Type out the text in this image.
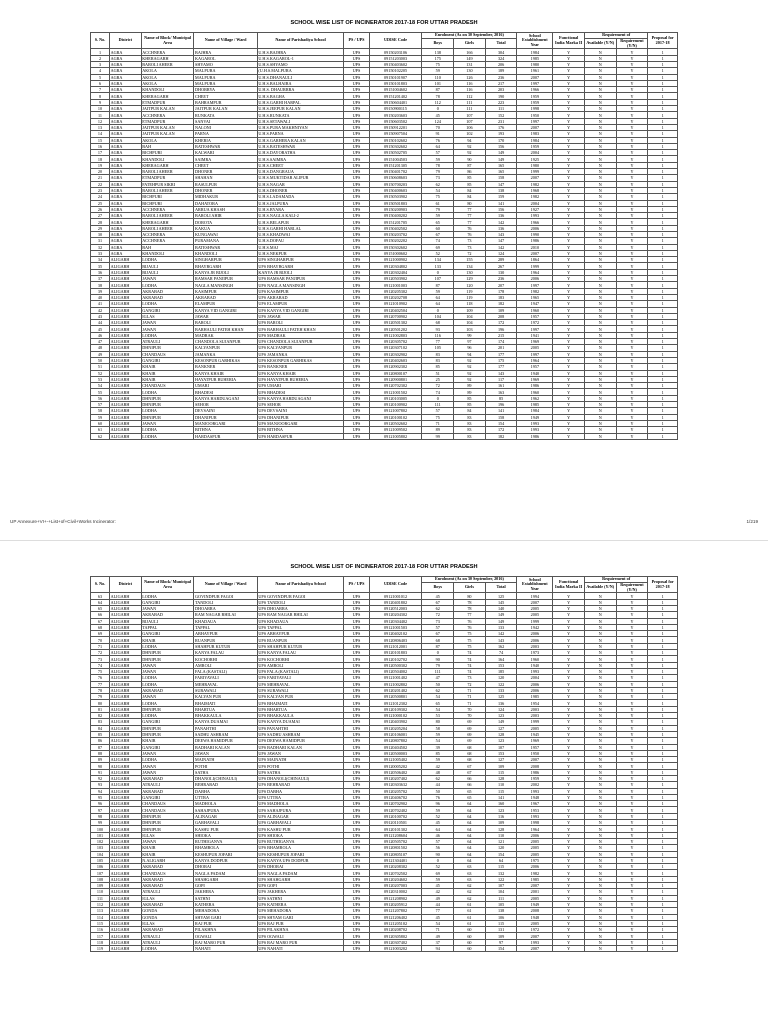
SCHOOL WISE LIST OF INCINERATOR 2017-18 FOR UTTAR PRADESH
S. No.	District	Name of Block/ Municipal Area	Name of Village / Ward	Name of Parishadiya School	PS / UPS	UDISE Code	Enrolment (As on 30 September, 2016)			School Establishment Year	Functional India Marka II	Requirement of		Proposal for 2017-18
							Boys	Girls	Total			Available (Y/N)	Requirement (Y/N)	
1	AGRA	ACCHNERA	BAJHRA	U.H.S.BAJHRA	UPS	09150203106	138	166	304	1984	Y	N	Y	1
2	AGRA	KHERAGARH	KAGAROL	U.H.S.KAGAROL-1	UPS	09151203003	175	149	324	1985	Y	N	Y	1
3	AGRA	BAROLI AHEER	SHYAMO	U.H.S.SHYAMO	UPS	09150403602	75	131	206	1980	Y	N	Y	1
4	AGRA	AKOLA	MALPURA	(U.H.S.MALPURA	UPS	09150102205	59	130	189	1961	Y	N	Y	1
5	AGRA	AKOLA	MALPURA	U.H.S.DHANAULI	UPS	09150101907	110	126	236	2007	Y	N	Y	1
6	AGRA	AKOLA	MALPURA	U.H.S.BALHAIRA	UPS	09150101803	101	116	217	1997	Y	N	Y	1
7	AGRA	KHANDOLI	DHORRYA	U.H.S. DHAURRRA	UPS	09151004602	87	116	203	1966	Y	N	Y	1
8	AGRA	KHERAGARH	CHEET	U.H.S.BAGHA	UPS	09151201402	78	112	190	1959	Y	N	Y	1
9	AGRA	ETMADPUR	BAHRAMPUR	U.H.S.GARHI HARPAL	UPS	09150604401	112	111	223	1959	Y	N	Y	1
10	AGRA	JAITPUR KALAN	JAITPUR KALAN	U.H.S.JEEPUR KALAN	UPS	09150900115	0	111	111	1998	Y	N	Y	1
11	AGRA	ACCHNERA	RUNKATA	U.H.S.RUNKATA	UPS	09150203603	45	107	152	1950	Y	N	Y	1
12	AGRA	ETMADPUR	SANVAI	U.H.S.SETAWALI	UPS	09150603502	124	107	231	1997	Y	N	Y	1
13	AGRA	JAITPUR KALAN	NALONI	U.H.S.PURA MAKHNIYAN	UPS	09150912201	70	106	176	2007	Y	N	Y	1
14	AGRA	JAITPUR KALAN	PARNA	U.H.S.PARNA	UPS	09150907504	91	102	193	1983	Y	N	Y	1
15	AGRA	AKOLA	KHERIA	U.H.S.GARHERA KALAN	UPS	09150102602	76	94	170	1984	Y	N	Y	1
16	AGRA	BAH	BATESHWAR	U.H.S.BATESHWAR	UPS	09150302602	64	92	156	1959	Y	N	Y	1
17	AGRA	BICHPURI	KALWARI	U.H.S.DAYORATHA	UPS	09150502705	57	92	149	2004	Y	N	Y	1
18	AGRA	KHANDOLI	SAIMRA	U.H.S.SAIMRA	UPS	09151004503	59	90	149	1925	Y	N	Y	1
19	AGRA	KHERAGARH	CHEET	U.H.S.CHEET	UPS	09151201305	78	87	165	1980	Y	N	Y	1
20	AGRA	BAROLI AHEER	DHONER	U.H.S.DANGRAUA	UPS	09150401702	79	86	165	1999	Y	N	Y	1
21	AGRA	ETMADPUR	SHAHAN	U.H.S.MUKTIDAR ALIPUR	UPS	09150608603	73	85	158	2007	Y	N	Y	1
22	AGRA	FATEHPUR SIKRI	RASULPUR	U.H.S.NAGAR	UPS	09150700203	62	85	147	1982	Y	N	Y	1
23	AGRA	BAROLI AHEER	DHONER	U.H.S.DHONER	UPS	09150400603	54	84	138	1968	Y	N	Y	1
24	AGRA	BICHPURI	MIDHAKUR	U.H.S.LADAMADA	UPS	09150503902	75	84	159	1982	Y	N	Y	1
25	AGRA	BICHPURI	DAHATORA	U.H.S.JALPURA	UPS	09150501803	61	80	141	2004	Y	N	Y	1
26	AGRA	ACCHNERA	ARRUA KHASH	U.H.S.BYARA	UPS	09150200903	79	77	156	1927	Y	N	Y	1
27	AGRA	BAROLI AHEER	BAROLI AHIR	U.H.S.NAGLA KALI-2	UPS	09150400202	59	77	136	1993	Y	N	Y	1
28	AGRA	KHERAGARH	DOROTA	U.H.S.BELAPUR	UPS	09151201705	65	77	142	1966	Y	N	Y	1
29	AGRA	BAROLI AHEER	KAKUA	U.H.S.GARHI HARLAL	UPS	09150402502	60	76	136	2006	Y	N	Y	1
30	AGRA	ACCHNERA	KUNGAWAI	U.H.S.KHADWAI	UPS	09150203702	67	76	143	1990	Y	N	Y	1
31	AGRA	ACCHNERA	PURAMANA	U.H.S.DOFAU	UPS	09150202202	74	73	147	1986	Y	N	Y	1
32	AGRA	BAH	BATESHWAR	U.H.S.MAJ	UPS	09150302602	69	73	142	2010	Y	N	Y	1
33	AGRA	KHANDOLI	KHANDOLI	U.H.S.NEKPUR	UPS	09151000602	52	72	124	2007	Y	N	Y	1
34	ALIGARH	LODHA	SINGHARPUR	UPS SINGHARPUR	UPS	09121000902	134	155	289	1864	Y	N	Y	1
35	ALIGARH	BIJAULI	BHAYBGARH	UPS BHAYBGARH	UPS	09120304802	133	134	267	1999	Y	N	Y	1
36	ALIGARH	BIJAULI	KANYA JR BIJOLI	KANYA JR BIJOLI	UPS	09120302404	0	130	130	1964	Y	N	Y	1
37	ALIGARH	JAWAN	RAMSAR PANJIPUR	UPS RAMSAR PANJIPUR	UPS	09120503902	107	129	236	2006	Y	N	Y	1
38	ALIGARH	LODHA	NAGLA MANSINGH	UPS NAGLA MANSINGH	UPS	09121001003	87	120	207	1997	Y	N	Y	1
39	ALIGARH	AKRABAD	KASIMPUR	UPS KASIMPUR	UPS	09120205302	59	119	178	1982	Y	N	Y	1
40	ALIGARH	AKRABAD	AKRABAD	UPS AKRABAD	UPS	09120202708	64	119	183	1965	Y	N	Y	1
41	ALIGARH	LODHA	ELAMPUR	UPS ELAMPUR	UPS	09121010902	64	118	182	1947	Y	N	Y	1
42	ALIGARH	GANGIRI	KANYA VID GANGIRI	UPS KANYA VID GANGIRI	UPS	09120402504	0	109	109	1960	Y	N	Y	1
43	ALIGARH	IGLAS	JAWAR	UPS JAWAR	UPS	09120700902	104	104	208	1957	Y	N	Y	1
44	ALIGARH	JAWAN	BAROLI	UPS BAROLI	UPS	09120501302	68	104	172	1972	Y	N	Y	1
45	ALIGARH	JAWAN	BARHAULI FATEH KHAN	UPS BARHAULI FATEH KHAN	UPS	09120501202	93	103	196	1997	Y	N	Y	1
46	ALIGARH	LODHA	MADRAK	UPS MADRAK	UPS	09121002803	116	99	215	1941	Y	N	Y	1
47	ALIGARH	ATRAULI	CHANDOLA SUJANPUR	UPS CHANDOLA SUJANPUR	UPS	09120305702	77	97	174	1969	Y	N	Y	1
48	ALIGARH	DHNIPUR	KALYANPUR	UPS KALYANPUR	UPS	09120307102	105	96	201	2005	Y	N	Y	1
49	ALIGARH	CHANDAUS	JAMANKA	UPS JAMANKA	UPS	09120302902	83	94	177	1997	Y	N	Y	1
50	ALIGARH	GANGIRI	KESONPUR GARHIKAS	UPS KESONPUR GARHIKAS	UPS	09120402603	83	92	175	1964	Y	N	Y	1
51	ALIGARH	KHAIR	BANKNER	UPS BANKNER	UPS	09120902302	85	92	177	1957	Y	N	Y	1
52	ALIGARH	KHAIR	KANYA KHAIR	UPS KANYA KHAIR	UPS	09120800107	51	92	143	1940	Y	N	Y	1
53	ALIGARH	KHAIR	HAYATPUR BUHERIA	UPS HAYATPUR BUHERIA	UPS	09120900801	25	92	117	1969	Y	N	Y	1
54	ALIGARH	CHANDAUS	UMARI	UPS UMARI	UPS	09120702302	72	89	161	1986	Y	N	Y	1
55	ALIGARH	LODHA	BHADESI	UPS BHADESI	UPS	09121001502	74	89	163	1960	Y	N	Y	1
56	ALIGARH	DHNIPUR	KANYA HARDUAGANJ	UPS KANYA HARDUAGANJ	UPS	09120103005	0	85	85	1962	Y	N	Y	1
57	ALIGARH	DHNIPUR	SEHOR	UPS SEHOR	UPS	09120100902	111	85	196	1985	Y	N	Y	1
58	ALIGARH	LODHA	DEVSAINI	UPS DEVSAINI	UPS	09121007802	57	84	141	1984	Y	N	Y	1
59	ALIGARH	DHNIPUR	DHANIPUR	UPS DHANIPUR	UPS	09120100102	75	83	158	1949	Y	N	Y	1
60	ALIGARH	JAWAN	MANJOORGARI	UPS MANJOORGARI	UPS	09120502602	71	83	154	1993	Y	N	Y	1
61	ALIGARH	LODHA	BITHNA	UPS BITHNA	UPS	09121009502	89	83	172	1993	Y	N	Y	1
62	ALIGARH	LODHA	HARDASPUR	UPS HARDASPUR	UPS	09121005802	99	83	182	1986	Y	N	Y	1
UP Annexure+VI+-+List+of+Civil+Works Incinerator:	1/219
SCHOOL WISE LIST OF INCINERATOR 2017-18 FOR UTTAR PRADESH
S. No.	District	Name of Block/ Municipal Area	Name of Village / Ward	Name of Parishadiya School	PS / UPS	UDISE Code	Enrolment (As on 30 September, 2016)			School Establishment Year	Functional India Marka II	Requirement of		Proposal for 2017-18
							Boys	Girls	Total			Available (Y/N)	Requirement (Y/N)	
63	ALIGARH	LODHA	GOVINDPUR FAGOI	UPS GOVINDPUR FAGOI	UPS	09121001012	45	80	125	1994	Y	N	Y	1
64	ALIGARH	GANGIRI	TANDOLI	UPS TANDOLI	UPS	09120401802	67	78	145	2007	Y	N	Y	1
65	ALIGARH	JAWAN	DHOARRA	UPS DHOARRA	UPS	09120512003	62	78	140	2005	Y	N	Y	1
66	ALIGARH	AKRABAD	RAM NAGAR BHILAI	UPS RAM NAGAR BHILAI	UPS	09120204302	72	77	149	2005	Y	N	Y	1
67	ALIGARH	BIJAULI	KHADAUA	UPS KHADAUA	UPS	09120304402	73	76	149	1999	Y	N	Y	1
68	ALIGARH	TAPPAL	TAPPAL	UPS TAPPAL	UPS	09121001503	57	76	133	1942	Y	N	Y	1
69	ALIGARH	GANGIRI	ABHAYPUR	UPS ABHAYPUR	UPS	09120402102	67	75	142	2006	Y	N	Y	1
70	ALIGARH	KHAIR	RUANPUR	UPS RUANPUR	UPS	09120806403	68	75	143	2006	Y	N	Y	1
71	ALIGARH	LODHA	SHAHPUR KUTUB	UPS SHAHPUR KUTUB	UPS	09121012001	87	75	162	2003	Y	N	Y	1
72	ALIGARH	DHNIPUR	KANYA FALAU	UPS KANYA FALAU	UPS	09120101803	0	74	74	1973	Y	N	Y	1
73	ALIGARH	DHNIPUR	KOCHORHI	UPS KOCHORHI	UPS	09120102702	90	74	164	1960	Y	N	Y	1
74	ALIGARH	JAWAN	AMROLI	UPS AMROLI	UPS	09120500302	79	74	153	1940	Y	N	Y	1
75	ALIGARH	JAWAN	FALA (KASTALI)	UPS FALA (KASTALI)	UPS	09120504002	111	74	185	1993	Y	N	Y	1
76	ALIGARH	LODHA	FARIYAVALI	UPS FARIYAVALI	UPS	09121001402	47	73	120	2004	Y	N	Y	1
77	ALIGARH	LODHA	MEHRAVAL	UPS MEHRAVAL	UPS	09121002802	50	72	122	2006	Y	N	Y	1
78	ALIGARH	AKRABAD	SUBAWALI	UPS SUBAWALI	UPS	09120201402	62	71	133	2006	Y	N	Y	1
79	ALIGARH	JAWAN	KALYAN PUR	UPS KALYAN PUR	UPS	09120500801	54	71	125	1985	Y	N	Y	1
80	ALIGARH	LODHA	BHAIMATI	UPS BHAIMATI	UPS	09121012302	65	71	136	1954	Y	N	Y	1
81	ALIGARH	DHNIPUR	BHARTUA	UPS BHARTUA	UPS	09120109302	54	70	124	2003	Y	N	Y	1
82	ALIGARH	LODHA	BHAKKAULA	UPS BHAKKAULA	UPS	09121000102	53	70	123	2003	Y	N	Y	1
83	ALIGARH	GANGIRI	KANYA DUAMAI	UPS KANYA DUAMAI	UPS	09120403902	80	69	149	1999	Y	N	Y	1
84	ALIGARH	DHNIPUR	PANAHTHI	UPS PANAHTHI	UPS	09120205204	58	69	127	2005	Y	N	Y	1
85	ALIGARH	DHNIPUR	SADHU ASHRAM	UPS SADHU ASHRAM	UPS	09120106001	59	69	128	1945	Y	N	Y	1
86	ALIGARH	KHAIR	DEEWA HAMIDPUR	UPS DEEWA HAMIDPUR	UPS	09120807802	54	69	123	1969	Y	N	Y	1
87	ALIGARH	GANGIRI	BADHARI KALAN	UPS BADHARI KALAN	UPS	09120404502	39	68	107	1957	Y	N	Y	1
88	ALIGARH	JAWAN	JAWAN	UPS JAWAN	UPS	09120500003	85	68	153	1950	Y	N	Y	1
89	ALIGARH	LODHA	MAINATH	UPS MAINATH	UPS	09121005402	59	68	127	2007	Y	N	Y	1
90	ALIGARH	JAWAN	POTHI	UPS POTHI	UPS	09120005202	42	67	109	2008	Y	N	Y	1
91	ALIGARH	JAWAN	SATHA	UPS SATHA	UPS	09120506402	48	67	115	1986	Y	N	Y	1
92	ALIGARH	AKRABAD	DHANOLI(CHINAULI)	UPS DHANOLI(CHINAULI)	UPS	09120207402	62	66	128	1959	Y	N	Y	1
93	ALIGARH	ATRAULI	BEHRABAD	UPS BEHRABAD	UPS	09120303632	44	66	110	2002	Y	N	Y	1
94	ALIGARH	AKRABAD	DABHA	UPS DABHA	UPS	09120205702	50	65	115	1993	Y	N	Y	1
95	ALIGARH	GANGIRI	UTTRA	UPS UTTRA	UPS	09120406702	76	65	141	1948	Y	N	Y	1
96	ALIGARH	CHANDAUS	MADHOLA	UPS MADHOLA	UPS	09120702902	96	64	160	1967	Y	N	Y	1
97	ALIGARH	CHANDAUS	SAHAJPURA	UPS SAHAJPURA	UPS	09120702402	59	64	123	1953	Y	N	Y	1
98	ALIGARH	DHNIPUR	ALINAGAR	UPS ALINAGAR	UPS	09120100702	52	64	116	1993	Y	N	Y	1
99	ALIGARH	DHNIPUR	GARHAVALI	UPS GARHAVALI	UPS	09120110501	45	64	109	1998	Y	N	Y	1
100	ALIGARH	DHNIPUR	KASHU PUR	UPS KASHU PUR	UPS	09120101302	64	64	128	1964	Y	N	Y	1
101	ALIGARH	IGLAS	SHIOKA	UPS SHIOKA	UPS	09121208604	46	64	110	2006	Y	N	Y	1
102	ALIGARH	JAWAN	RUTHIGANVA	UPS RUTHIGANVA	UPS	09120505702	57	64	121	2005	Y	N	Y	1
103	ALIGARH	KHAIR	BHAMROLA	UPS BHAMROLA	UPS	09120801502	56	64	120	2005	Y	N	Y	1
104	ALIGARH	KHAIR	KESHUPUR JOFARI	UPS KESHUPUR JOFARI	UPS	09120805107	90	64	154	2005	Y	N	Y	1
105	ALIGARH	N.ALIGARH	KANYA DODPUR	UPS KANYA UPS DODPUR	UPS	09121304401	0	64	64	1975	Y	N	Y	1
106	ALIGARH	AKRABAD	DHORAI	UPS DHORAI	UPS	09120208302	52	63	115	2006	Y	N	Y	1
107	ALIGARH	CHANDAUS	NAGLA PADAM	UPS NAGLA PADAM	UPS	09120702502	69	63	132	1982	Y	N	Y	1
108	ALIGARH	AKRABAD	SHAHGARH	UPS SHAHGARH	UPS	09120204602	59	63	122	1985	Y	N	Y	1
109	ALIGARH	AKRABAD	GOPI	UPS GOPI	UPS	09120207003	45	62	107	2007	Y	N	Y	1
110	ALIGARH	ATRAULI	JAKHERA	UPS JAKHERA	UPS	09120310002	42	62	104	2001	Y	N	Y	1
111	ALIGARH	IGLAS	SATHNI	UPS SATHNI	UPS	09121208902	49	62	111	2005	Y	N	Y	1
112	ALIGARH	AKRABAD	KATHERA	UPS KATHERA	UPS	09120205912	44	61	105	1949	Y	N	Y	1
113	ALIGARH	GONDA	MEHADORA	UPS MEHADORA	UPS	09121207802	77	61	138	2008	Y	N	Y	1
114	ALIGARH	GONDA	SHYAM GARI	UPS SHYAM GARI	UPS	09121206402	45	61	106	1948	Y	N	Y	1
115	ALIGARH	IGLAS	RAJ PUR	UPS RAJ PUR	UPS	09121205102	54	61	115	2005	Y	N	Y	1
116	ALIGARH	AKRABAD	PILAKHNA	UPS PILAKHNA	UPS	09120208702	71	60	131	1972	Y	N	Y	1
117	ALIGARH	ATRAULI	OGWALI	UPS OGWALI	UPS	09120305802	49	60	109	2007	Y	N	Y	1
118	ALIGARH	ATRAULI	RAJ MARO PUR	UPS RAJ MARO PUR	UPS	09120307402	37	60	97	1993	Y	N	Y	1
119	ALIGARH	LODHA	NAHATI	UPS NAHATI	UPS	09121003202	94	60	154	2007	Y	N	Y	1
